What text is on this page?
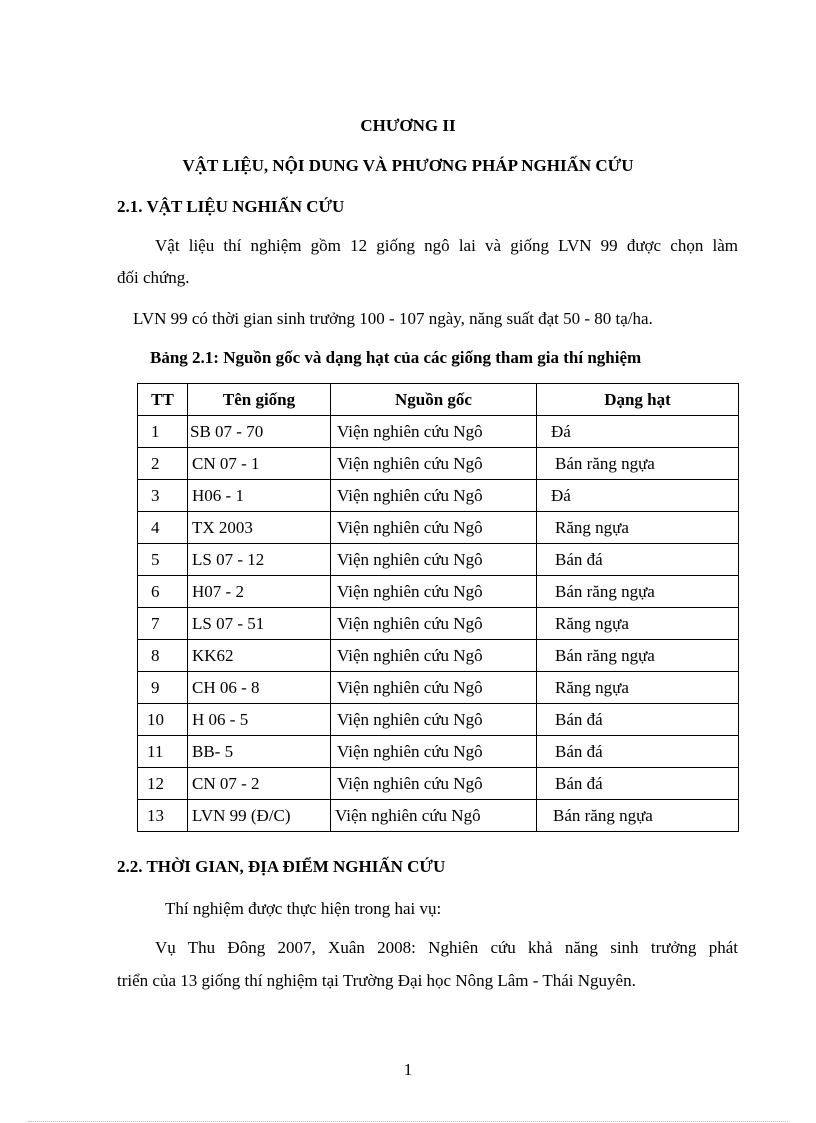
CHƯƠNG II
VẬT LIỆU, NỘI DUNG VÀ PHƯƠNG PHÁP NGHIẤN CỨU
2.1. VẬT LIỆU NGHIẤN CỨU
Vật liệu thí nghiệm gồm 12 giống ngô lai và giống LVN 99 được chọn làm
đối chứng.
LVN 99 có thời gian sinh trưởng 100 - 107 ngày, năng suất đạt 50 - 80 tạ/ha.
Bảng 2.1: Nguồn gốc và dạng hạt của các giống tham gia thí nghiệm
TT	Tên giống	Nguồn gốc	Dạng hạt
1	SB 07 - 70	Viện nghiên cứu Ngô	Đá
2	CN 07 - 1	Viện nghiên cứu Ngô	Bán răng ngựa
3	H06 - 1	Viện nghiên cứu Ngô	Đá
4	TX 2003	Viện nghiên cứu Ngô	Răng ngựa
5	LS 07 - 12	Viện nghiên cứu Ngô	Bán đá
6	H07 - 2	Viện nghiên cứu Ngô	Bán răng ngựa
7	LS 07 - 51	Viện nghiên cứu Ngô	Răng ngựa
8	KK62	Viện nghiên cứu Ngô	Bán răng ngựa
9	CH 06 - 8	Viện nghiên cứu Ngô	Răng ngựa
10	H 06 - 5	Viện nghiên cứu Ngô	Bán đá
11	BB- 5	Viện nghiên cứu Ngô	Bán đá
12	CN 07 - 2	Viện nghiên cứu Ngô	Bán đá
13	LVN 99 (Đ/C)	Viện nghiên cứu Ngô	Bán răng ngựa
2.2. THỜI GIAN, ĐỊA ĐIỂM NGHIẤN CỨU
Thí nghiệm được thực hiện trong hai vụ:
Vụ Thu Đông 2007, Xuân 2008: Nghiên cứu khả năng sinh trưởng phát
triển của 13 giống thí nghiệm tại Trường Đại học Nông Lâm - Thái Nguyên.
1
